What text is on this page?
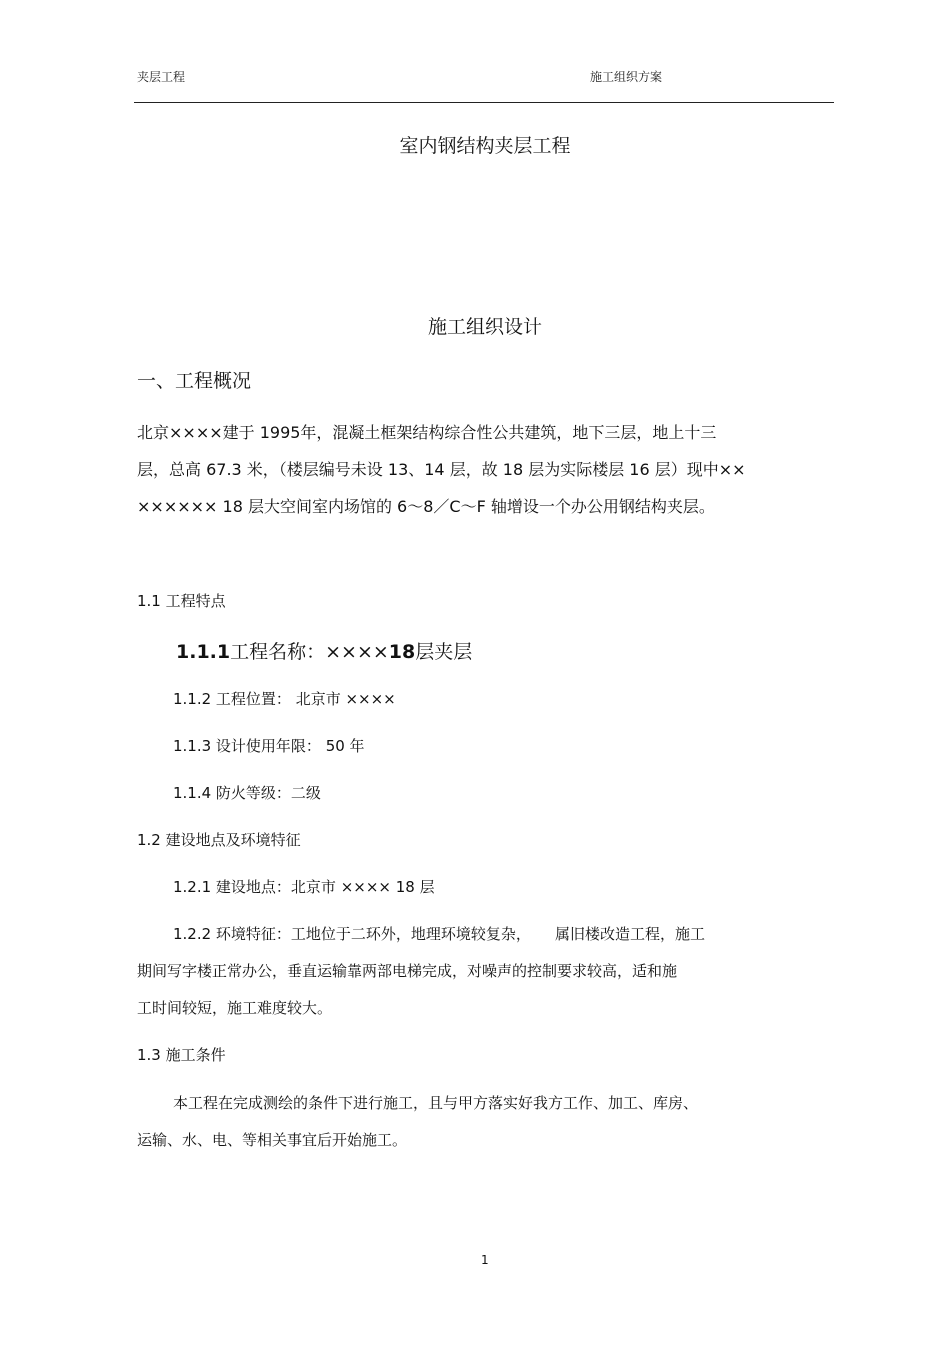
夹层工程	施工组织方案
室内钢结构夹层工程
施工组织设计
一、工程概况
北京××××建于 1995年，混凝土框架结构综合性公共建筑，地下三层，地上十三
层，总高 67.3 米，（楼层编号未设 13、14 层，故 18 层为实际楼层 16 层）现中××
×××××× 18 层大空间室内场馆的 6～8／C～F 轴增设一个办公用钢结构夹层。
1.1 工程特点
1.1.1工程名称：××××18层夹层
1.1.2 工程位置： 北京市 ××××
1.1.3 设计使用年限： 50 年
1.1.4 防火等级：二级
1.2 建设地点及环境特征
1.2.1 建设地点：北京市 ×××× 18 层
1.2.2 环境特征：工地位于二环外，地理环境较复杂， 属旧楼改造工程，施工
期间写字楼正常办公，垂直运输靠两部电梯完成，对噪声的控制要求较高，适和施
工时间较短，施工难度较大。
1.3 施工条件
本工程在完成测绘的条件下进行施工，且与甲方落实好我方工作、加工、库房、
运输、水、电、等相关事宜后开始施工。
1
